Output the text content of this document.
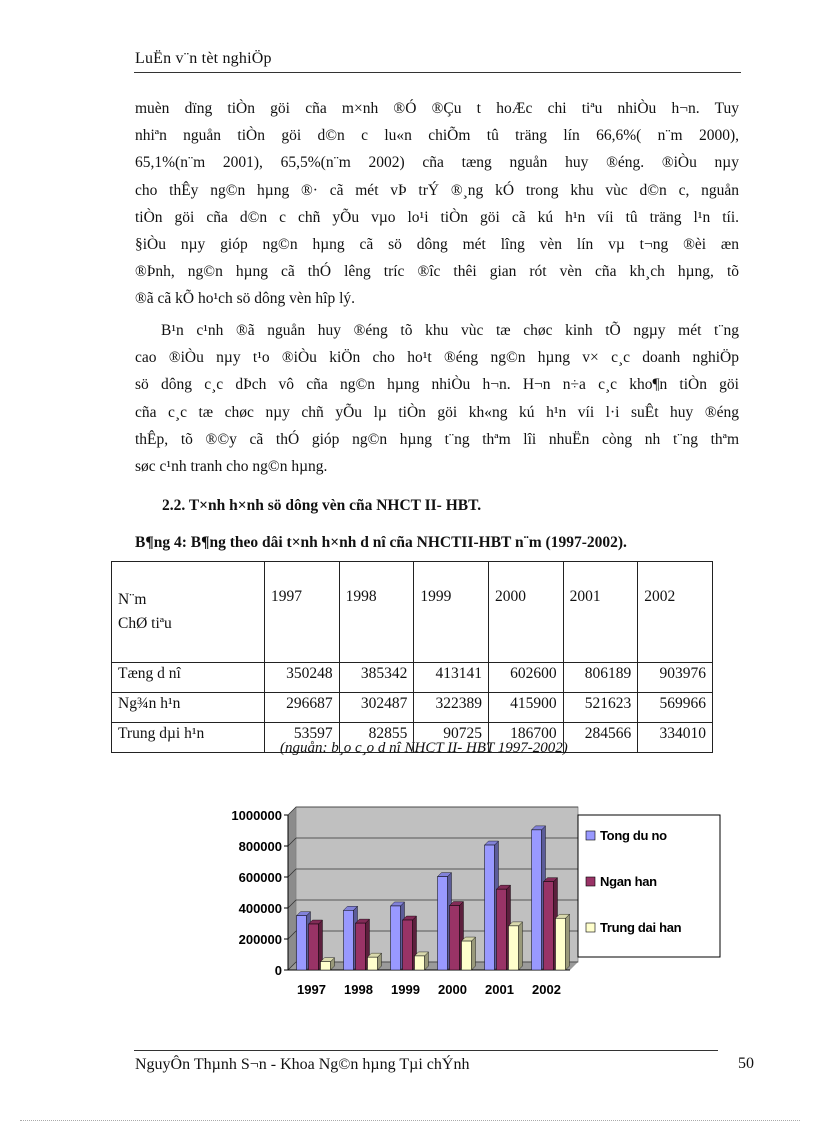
LuËn v¨n tèt nghiÖp
muèn dïng tiÒn göi cña m×nh ®Ó ®Çu t hoÆc chi tiªu nhiÒu h¬n. Tuy
nhiªn nguån tiÒn göi d©n c lu«n chiÕm tû träng lín 66,6%( n¨m 2000),
65,1%(n¨m 2001), 65,5%(n¨m 2002) cña tæng nguån huy ®éng. ®iÒu nµy
cho thÊy ng©n hµng ®· cã mét vÞ trÝ ®¸ng kÓ trong khu vùc d©n c, nguån
tiÒn göi cña d©n c chñ yÕu vµo lo¹i tiÒn göi cã kú h¹n víi tû träng l¹n tíi.
§iÒu nµy gióp ng©n hµng cã sö dông mét lîng vèn lín vµ t¬ng ®èi æn
®Þnh, ng©n hµng cã thÓ lêng tríc ®îc thêi gian rót vèn cña kh¸ch hµng, tõ
®ã cã kÕ ho¹ch sö dông vèn hîp lý.
B¹n c¹nh ®ã nguån huy ®éng tõ khu vùc tæ chøc kinh tÕ ngµy mét t¨ng
cao ®iÒu nµy t¹o ®iÒu kiÖn cho ho¹t ®éng ng©n hµng v× c¸c doanh nghiÖp
sö dông c¸c dÞch vô cña ng©n hµng nhiÒu h¬n. H¬n n÷a c¸c kho¶n tiÒn göi
cña c¸c tæ chøc nµy chñ yÕu lµ tiÒn göi kh«ng kú h¹n víi l·i suÊt huy ®éng
thÊp, tõ ®©y cã thÓ gióp ng©n hµng t¨ng thªm lîi nhuËn còng nh t¨ng thªm
søc c¹nh tranh cho ng©n hµng.
2.2. T×nh h×nh sö dông vèn cña NHCT II- HBT.
B¶ng 4: B¶ng theo dâi t×nh h×nh d nî cña NHCTII-HBT n¨m (1997-2002).
N¨m
ChØ tiªu	1997	1998	1999	2000	2001	2002
Tæng d nî	350248	385342	413141	602600	806189	903976
Ng¾n h¹n	296687	302487	322389	415900	521623	569966
Trung dµi h¹n	53597	82855	90725	186700	284566	334010
(nguån: b¸o c¸o d nî NHCT II- HBT 1997-2002)
0
200000
400000
600000
800000
1000000
1997 1998 1999 2000 2001 2002
Tong du no
Ngan han
Trung dai han
NguyÔn Thµnh S¬n - Khoa Ng©n hµng Tµi chÝnh	50
